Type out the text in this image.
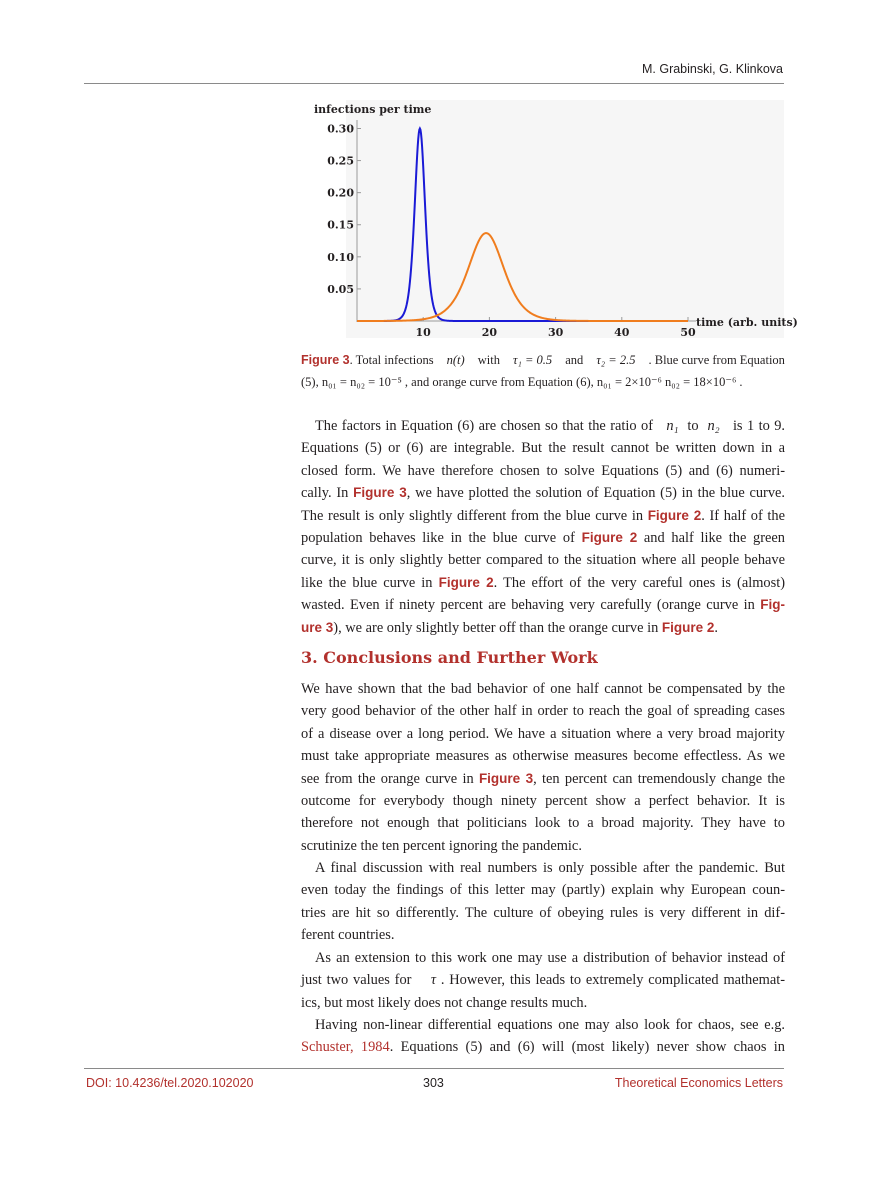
M. Grabinski, G. Klinkova
infections per time
time (arb. units)
0.05
0.10
0.15
0.20
0.25
0.30
10	20	30	40	50
Figure 3. Total infections n(t) with τ₁ = 0.5 and τ₂ = 2.5 . Blue curve from Equation
(5), n₀₁ = n₀₂ = 10⁻⁵ , and orange curve from Equation (6), n₀₁ = 2×10⁻⁶ n₀₂ = 18×10⁻⁶ .
The factors in Equation (6) are chosen so that the ratio of n₁ to n₂ is 1 to 9.
Equations (5) or (6) are integrable. But the result cannot be written down in a
closed form. We have therefore chosen to solve Equations (5) and (6) numeri-
cally. In Figure 3, we have plotted the solution of Equation (5) in the blue curve.
The result is only slightly different from the blue curve in Figure 2. If half of the
population behaves like in the blue curve of Figure 2 and half like the green
curve, it is only slightly better compared to the situation where all people behave
like the blue curve in Figure 2. The effort of the very careful ones is (almost)
wasted. Even if ninety percent are behaving very carefully (orange curve in Fig-
ure 3), we are only slightly better off than the orange curve in Figure 2.
3. Conclusions and Further Work
We have shown that the bad behavior of one half cannot be compensated by the
very good behavior of the other half in order to reach the goal of spreading cases
of a disease over a long period. We have a situation where a very broad majority
must take appropriate measures as otherwise measures become effectless. As we
see from the orange curve in Figure 3, ten percent can tremendously change the
outcome for everybody though ninety percent show a perfect behavior. It is
therefore not enough that politicians look to a broad majority. They have to
scrutinize the ten percent ignoring the pandemic.
A final discussion with real numbers is only possible after the pandemic. But
even today the findings of this letter may (partly) explain why European coun-
tries are hit so differently. The culture of obeying rules is very different in dif-
ferent countries.
As an extension to this work one may use a distribution of behavior instead of
just two values for τ . However, this leads to extremely complicated mathemat-
ics, but most likely does not change results much.
Having non-linear differential equations one may also look for chaos, see e.g.
Schuster, 1984. Equations (5) and (6) will (most likely) never show chaos in
DOI: 10.4236/tel.2020.102020	303	Theoretical Economics Letters
